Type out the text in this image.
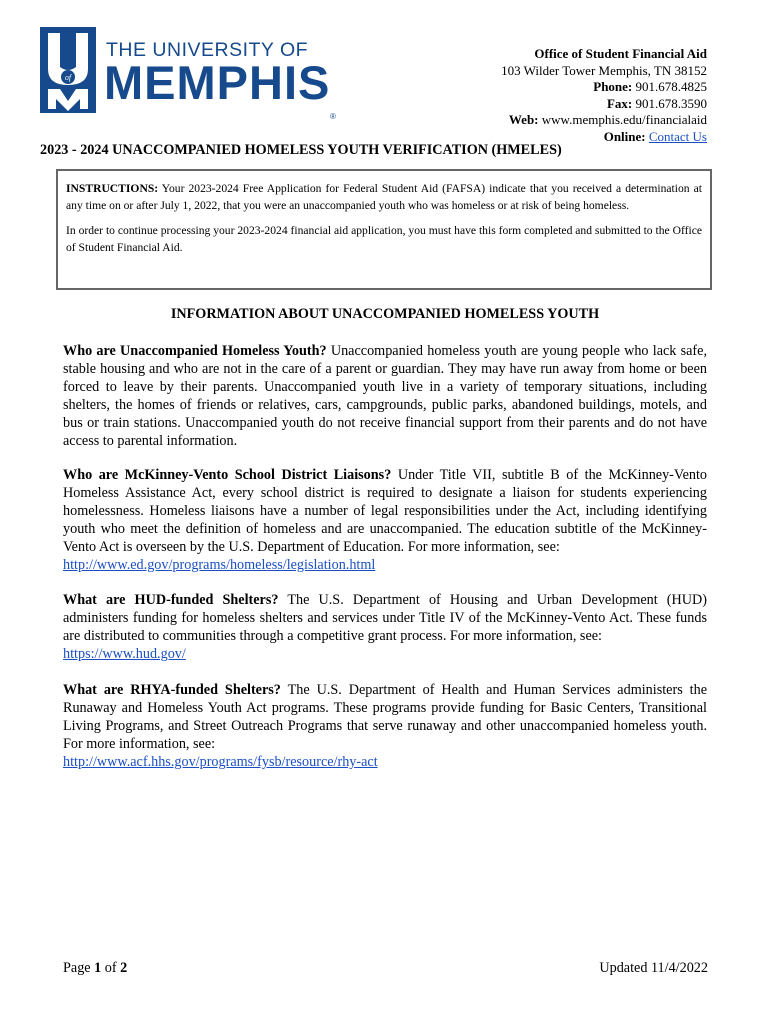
of
THE UNIVERSITY OF
MEMPHIS
®
Office of Student Financial Aid
103 Wilder Tower Memphis, TN 38152
Phone: 901.678.4825
Fax: 901.678.3590
Web: www.memphis.edu/financialaid
Online: Contact Us
2023 - 2024 UNACCOMPANIED HOMELESS YOUTH VERIFICATION (HMELES)

INSTRUCTIONS: Your 2023-2024 Free Application for Federal Student Aid (FAFSA) indicate that you received a determination at any time on or after July 1, 2022, that you were an unaccompanied youth who was homeless or at risk of being homeless.

In order to continue processing your 2023-2024 financial aid application, you must have this form completed and submitted to the Office of Student Financial Aid.

INFORMATION ABOUT UNACCOMPANIED HOMELESS YOUTH
Who are Unaccompanied Homeless Youth? Unaccompanied homeless youth are young people who lack safe, stable housing and who are not in the care of a parent or guardian. They may have run away from home or been forced to leave by their parents. Unaccompanied youth live in a variety of temporary situations, including shelters, the homes of friends or relatives, cars, campgrounds, public parks, abandoned buildings, motels, and bus or train stations. Unaccompanied youth do not receive financial support from their parents and do not have access to parental information.
Who are McKinney-Vento School District Liaisons? Under Title VII, subtitle B of the McKinney-Vento Homeless Assistance Act, every school district is required to designate a liaison for students experiencing homelessness. Homeless liaisons have a number of legal responsibilities under the Act, including identifying youth who meet the definition of homeless and are unaccompanied. The education subtitle of the McKinney-Vento Act is overseen by the U.S. Department of Education. For more information, see:
http://www.ed.gov/programs/homeless/legislation.html
What are HUD-funded Shelters? The U.S. Department of Housing and Urban Development (HUD) administers funding for homeless shelters and services under Title IV of the McKinney-Vento Act. These funds are distributed to communities through a competitive grant process. For more information, see:
https://www.hud.gov/
What are RHYA-funded Shelters? The U.S. Department of Health and Human Services administers the Runaway and Homeless Youth Act programs. These programs provide funding for Basic Centers, Transitional Living Programs, and Street Outreach Programs that serve runaway and other unaccompanied homeless youth. For more information, see:
http://www.acf.hhs.gov/programs/fysb/resource/rhy-act
Page 1 of 2	Updated 11/4/2022
